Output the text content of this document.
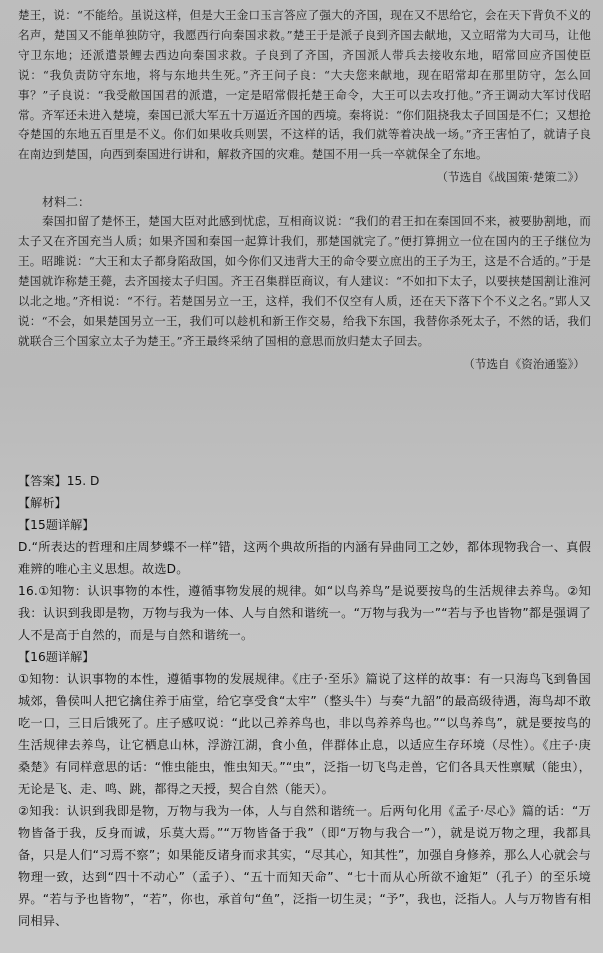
楚王，说：“不能给。虽说这样，但是大王金口玉言答应了强大的齐国，现在又不思给它，会在天下背负不义的名声，楚国又不能单独防守，我愿西行向秦国求救。”楚王于是派子良到齐国去献地，又立昭常为大司马，让他守卫东地；还派遣景鲤去西边向秦国求救。子良到了齐国，齐国派人带兵去接收东地，昭常回应齐国使臣说：“我负责防守东地，将与东地共生死。”齐王问子良：“大夫您来献地，现在昭常却在那里防守，怎么回事？”子良说：“我受敝国国君的派遣，一定是昭常假托楚王命令，大王可以去攻打他。”齐王调动大军讨伐昭常。齐军还未进入楚境，秦国已派大军五十万逼近齐国的西境。秦将说：“你们阻挠我太子回国是不仁；又想抢夺楚国的东地五百里是不义。你们如果收兵则罢，不这样的话，我们就等着决战一场。”齐王害怕了，就请子良在南边到楚国，向西到秦国进行讲和，解救齐国的灾难。楚国不用一兵一卒就保全了东地。

（节选自《战国策·楚策二》）

材料二：

秦国扣留了楚怀王，楚国大臣对此感到忧虑，互相商议说：“我们的君王扣在秦国回不来，被要胁割地，而太子又在齐国充当人质；如果齐国和秦国一起算计我们，那楚国就完了。”便打算拥立一位在国内的王子继位为王。昭雎说：“大王和太子都身陷敌国，如今你们又违背大王的命令要立庶出的王子为王，这是不合适的。”于是楚国就诈称楚王薨，去齐国接太子归国。齐王召集群臣商议，有人建议：“不如扣下太子，以要挟楚国割让淮河以北之地。”齐相说：“不行。若楚国另立一王，这样，我们不仅空有人质，还在天下落下个不义之名。”郢人又说：“不会，如果楚国另立一王，我们可以趁机和新王作交易，给我下东国，我替你杀死太子，不然的话，我们就联合三个国家立太子为楚王。”齐王最终采纳了国相的意思而放归楚太子回去。

（节选自《资治通鉴》）

【答案】15. D

【解析】

【15题详解】

D.“所表达的哲理和庄周梦蝶不一样”错，这两个典故所指的内涵有异曲同工之妙，都体现物我合一、真假难辨的唯心主义思想。故选D。

16.①知物：认识事物的本性，遵循事物发展的规律。如“以鸟养鸟”是说要按鸟的生活规律去养鸟。②知我：认识到我即是物，万物与我为一体、人与自然和谐统一。“万物与我为一”“若与予也皆物”都是强调了人不是高于自然的，而是与自然和谐统一。

【16题详解】

①知物：认识事物的本性，遵循事物的发展规律。《庄子·至乐》篇说了这样的故事：有一只海鸟飞到鲁国城郊，鲁侯叫人把它擒住养于庙堂，给它享受食“太牢”（整头牛）与奏“九韶”的最高级待遇，海鸟却不敢吃一口，三日后饿死了。庄子感叹说：“此以己养养鸟也，非以鸟养养鸟也。”“以鸟养鸟”，就是要按鸟的生活规律去养鸟，让它栖息山林，浮游江湖，食小鱼，伴群体止息，以适应生存环境（尽性）。《庄子·庚桑楚》有同样意思的话：“惟虫能虫，惟虫知天。”“虫”，泛指一切飞鸟走兽，它们各具天性禀赋（能虫），无论是飞、走、鸣、跳，都得之天授，契合自然（能天）。

②知我：认识到我即是物，万物与我为一体，人与自然和谐统一。后两句化用《孟子·尽心》篇的话：“万物皆备于我，反身而诚，乐莫大焉。”“万物皆备于我”（即“万物与我合一”），就是说万物之理，我都具备，只是人们“习焉不察”；如果能反诸身而求其实，“尽其心，知其性”，加强自身修养，那么人心就会与物理一致，达到“四十不动心”（孟子）、“五十而知天命”、“七十而从心所欲不逾矩”（孔子）的至乐境界。“若与予也皆物”，“若”，你也，承首句“鱼”，泛指一切生灵；“予”，我也，泛指人。人与万物皆有相同相异、
